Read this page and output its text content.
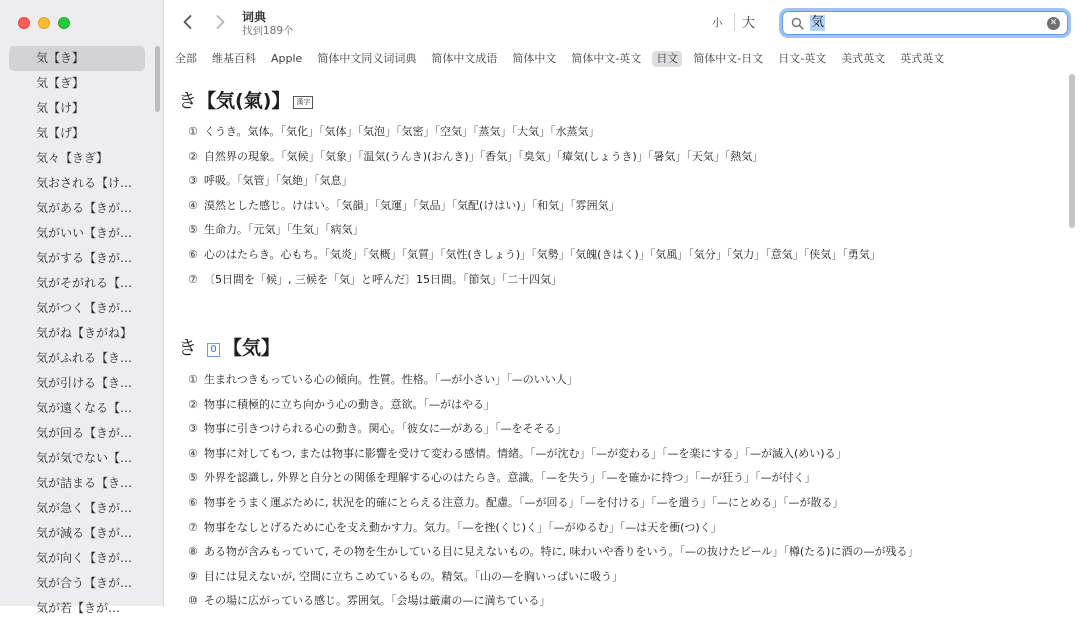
気【き】
気【ぎ】
気【け】
気【げ】
気々【きぎ】
気おされる【け…
気がある【きが…
気がいい【きが…
気がする【きが…
気がそがれる【…
気がつく【きが…
気がね【きがね】
気がふれる【き…
気が引ける【き…
気が遠くなる【…
気が回る【きが…
気が気でない【…
気が詰まる【き…
気が急く【きが…
気が減る【きが…
気が向く【きが…
気が合う【きが…
気が若【きが…
词典
找到189个
小 大	気	✕
全部 维基百科 Apple 简体中文同义词词典 简体中文成语 简体中文 简体中文-英文	日文	简体中文-日文 日文-英文 美式英文 英式英文
き【気(氣)】 漢字
① くうき。気体。「気化」「気体」「気泡」「気密」「空気」「蒸気」「大気」「水蒸気」
② 自然界の現象。「気候」「気象」「温気(うんき)(おんき)」「香気」「臭気」「瘴気(しょうき)」「暑気」「天気」「熱気」
③ 呼吸。「気管」「気絶」「気息」
④ 漠然とした感じ。けはい。「気韻」「気運」「気品」「気配(けはい)」「和気」「雰囲気」
⑤ 生命力。「元気」「生気」「病気」
⑥ 心のはたらき。心もち。「気炎」「気概」「気質」「気性(きしょう)」「気勢」「気魄(きはく)」「気風」「気分」「気力」「意気」「侠気」「勇気」
⑦ 〔5日間を「候」, 三候を「気」と呼んだ〕15日間。「節気」「二十四気」
き 0 【気】
① 生まれつきもっている心の傾向。性質。性格。「—が小さい」「—のいい人」
② 物事に積極的に立ち向かう心の動き。意欲。「—がはやる」
③ 物事に引きつけられる心の動き。関心。「彼女に—がある」「—をそそる」
④ 物事に対してもつ, または物事に影響を受けて変わる感情。情緒。「—が沈む」「—が変わる」「—を楽にする」「—が滅入(めい)る」
⑤ 外界を認識し, 外界と自分との関係を理解する心のはたらき。意識。「—を失う」「—を確かに持つ」「—が狂う」「—が付く」
⑥ 物事をうまく運ぶために, 状況を的確にとらえる注意力。配慮。「—が回る」「—を付ける」「—を遣う」「—にとめる」「—が散る」
⑦ 物事をなしとげるために心を支え動かす力。気力。「—を挫(くじ)く」「—がゆるむ」「—は天を衝(つ)く」
⑧ ある物が含みもっていて, その物を生かしている目に見えないもの。特に, 味わいや香りをいう。「—の抜けたビール」「樽(たる)に酒の—が残る」
⑨ 目には見えないが, 空間に立ちこめているもの。精気。「山の—を胸いっぱいに吸う」
⑩ その場に広がっている感じ。雰囲気。「会場は厳粛の—に満ちている」
